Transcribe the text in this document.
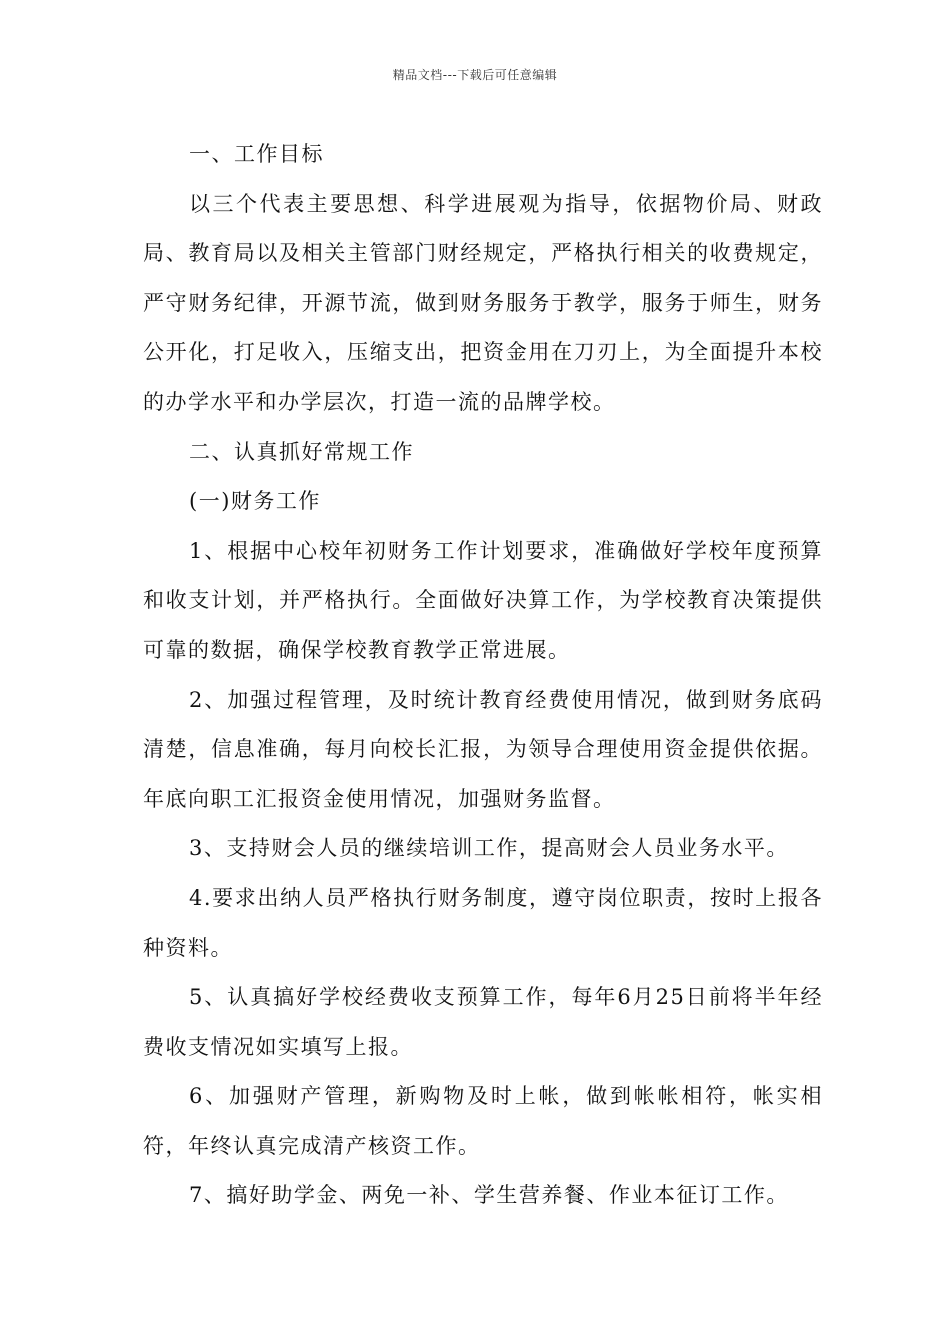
精品文档---下载后可任意编辑

一、工作目标

以三个代表主要思想、科学进展观为指导，依据物价局、财政局、教育局以及相关主管部门财经规定，严格执行相关的收费规定，严守财务纪律，开源节流，做到财务服务于教学，服务于师生，财务公开化，打足收入，压缩支出，把资金用在刀刃上，为全面提升本校的办学水平和办学层次，打造一流的品牌学校。

二、认真抓好常规工作

(一)财务工作

1、根据中心校年初财务工作计划要求，准确做好学校年度预算和收支计划，并严格执行。全面做好决算工作，为学校教育决策提供可靠的数据，确保学校教育教学正常进展。

2、加强过程管理，及时统计教育经费使用情况，做到财务底码清楚，信息准确，每月向校长汇报，为领导合理使用资金提供依据。年底向职工汇报资金使用情况，加强财务监督。

3、支持财会人员的继续培训工作，提高财会人员业务水平。

4.要求出纳人员严格执行财务制度，遵守岗位职责，按时上报各种资料。

5、认真搞好学校经费收支预算工作，每年6月25日前将半年经费收支情况如实填写上报。

6、加强财产管理，新购物及时上帐，做到帐帐相符，帐实相符，年终认真完成清产核资工作。

7、搞好助学金、两免一补、学生营养餐、作业本征订工作。
